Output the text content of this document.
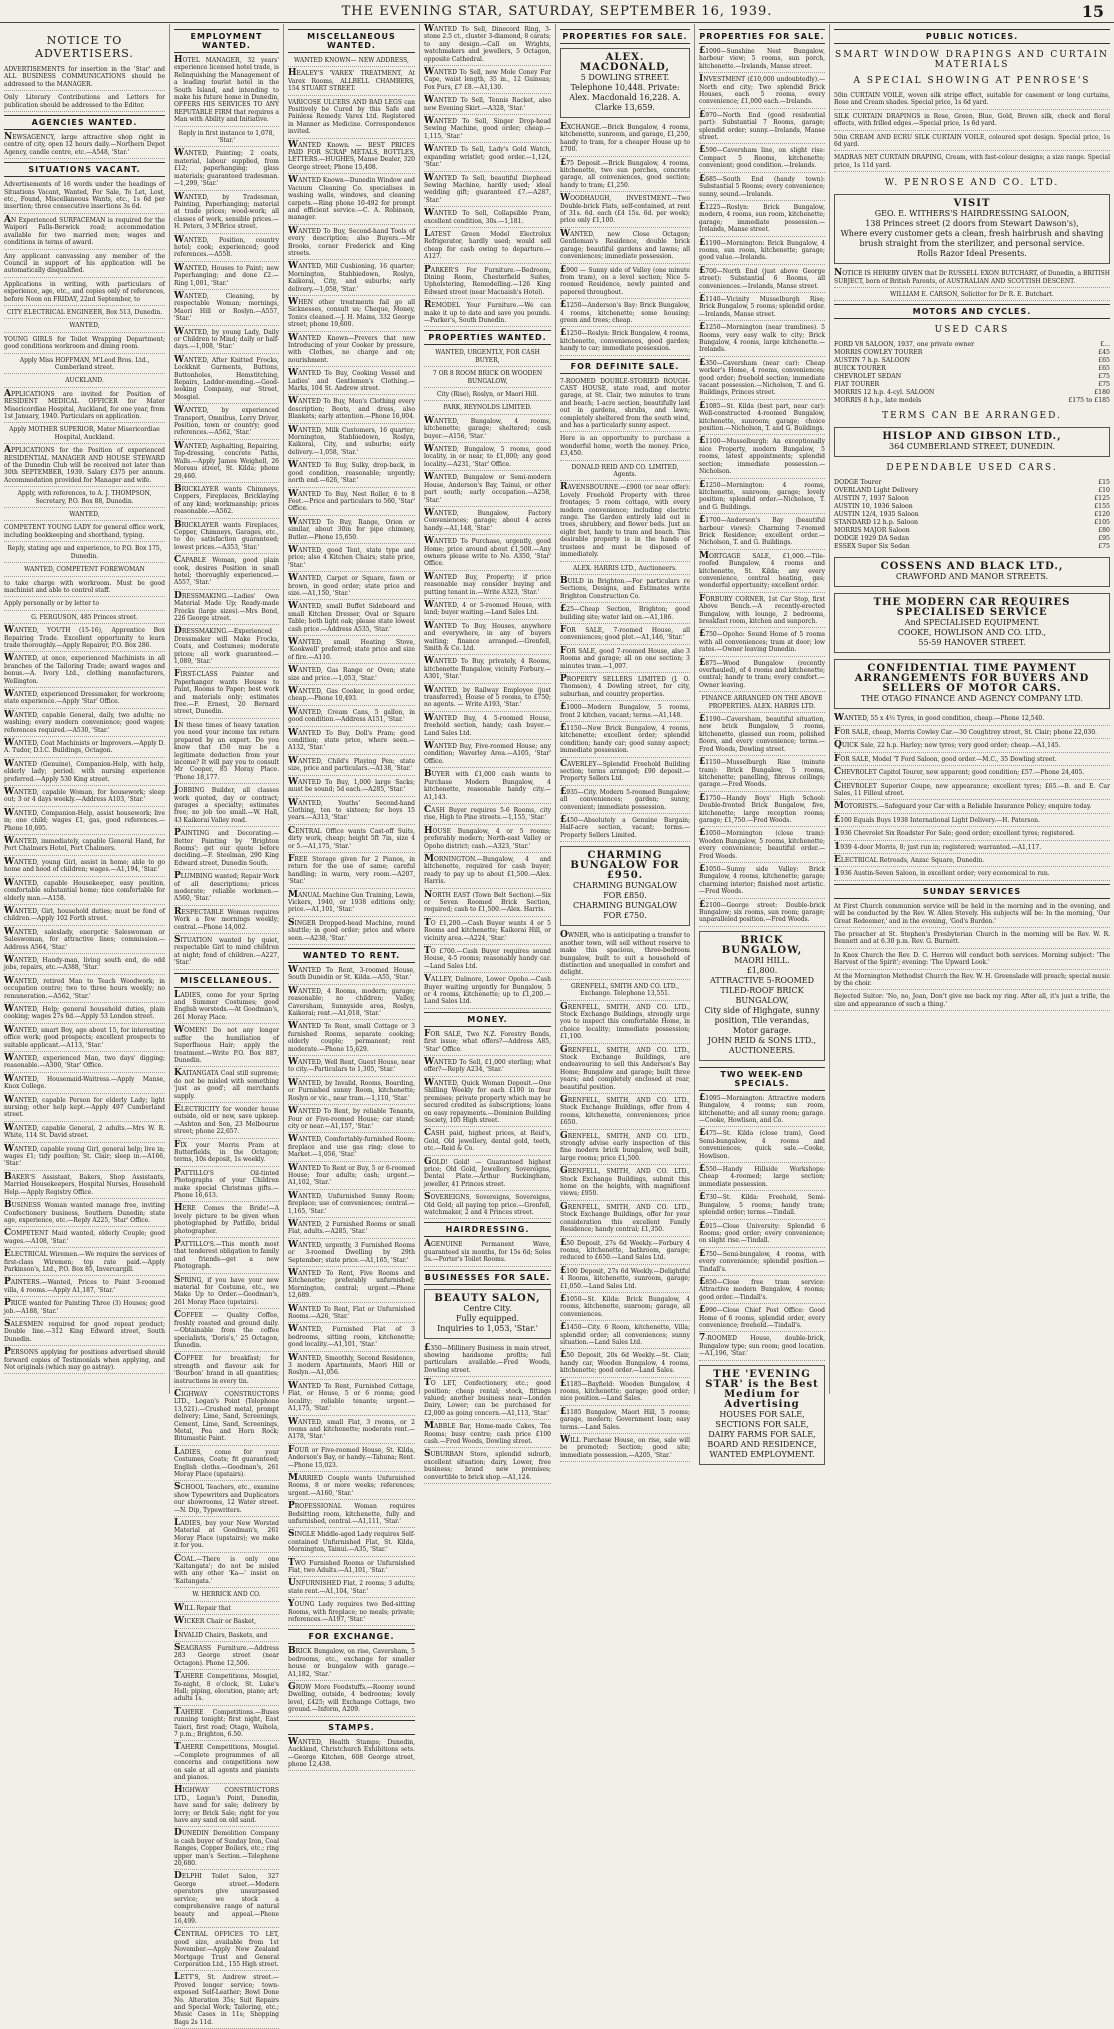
THE EVENING STAR, SATURDAY, SEPTEMBER 16, 1939.	15
NOTICE TO ADVERTISERS.

ADVERTISEMENTS for insertion in the 'Star' and ALL BUSINESS COMMUNICATIONS should be addressed to the MANAGER.

Only Literary Contributions and Letters for publication should be addressed to the Editor.

AGENCIES WANTED.

NEWSAGENCY, large attractive shop right in centre of city, open 12 hours daily.—Northern Depot Agency, candle centre, etc.—A548, 'Star.'

SITUATIONS VACANT.

Advertisements of 16 words under the headings of Situations Vacant, Wanted, For Sale, To Let, Lost, etc., Found, Miscellaneous Wants, etc., 1s 6d per insertion; three consecutive insertions 3s 6d.

AN Experienced SURFACEMAN is required for the Waipori Falls-Berwick road; accommodation available for two married men; wages and conditions in terms of award.

Any applicant canvassing any member of the Council in support of his application will be automatically disqualified.

Applications in writing, with particulars of experience, age, etc., and copies only of references, before Noon on FRIDAY, 22nd September, to

CITY ELECTRICAL ENGINEER, Box 513, Dunedin.

WANTED,

YOUNG GIRLS for Toilet Wrapping Department; good conditions workroom and dining room.

Apply Miss HOFFMAN, M'Leod Bros. Ltd., Cumberland street.

AUCKLAND.

APPLICATIONS are invited for Position of RESIDENT MEDICAL OFFICER for Mater Misericordiae Hospital, Auckland, for one year, from 1st January, 1940. Particulars on application.

Apply MOTHER SUPERIOR, Mater Misericordiae Hospital, Auckland.

APPLICATIONS for the Position of experienced RESIDENTIAL MANAGER AND HOUSE STEWARD of the Dunedin Club will be received not later than 30th SEPTEMBER, 1939. Salary £375 per annum. Accommodation provided for Manager and wife.

Apply, with references, to A. J. THOMPSON, Secretary, P.O. Box 88, Dunedin.

WANTED,

COMPETENT YOUNG LADY for general office work, including bookkeeping and shorthand, typing.

Reply, stating age and experience, to P.O. Box 175, Dunedin.

WANTED, COMPETENT FOREWOMAN

to take charge with workroom. Must be good machinist and able to control staff.

Apply personally or by letter to

G. FERGUSON, 485 Princes street.

WANTED, YOUTH (15-16), Apprentice Box Repairing Trade. Excellent opportunity to learn trade thoroughly.—Apply Repairer, P.O. Box 286.

WANTED, at once, experienced Machinists in all branches of the Tailoring Trade; award wages and bonus.—A. Ivory Ltd., clothing manufacturers, Wellington.

WANTED, experienced Dressmaker, for workroom; state experience.—Apply 'Star' Office.

WANTED, capable General, daily, two adults; no washing; every modern convenience; good wages; references required.—A530, 'Star.'

WANTED, Coat Machinists or Improvers.—Apply D. A. Tudor, D.I.C. Buildings, Octagon.

WANTED (Genuine), Companion-Help, with help, elderly lady; period; with nursing experience preferred.—Apply 530 King street.

WANTED, capable Woman, for housework; sleep out; 3 or 4 days weekly.—Address A103, 'Star.'

WANTED, Companion-Help, assist housework; live in; one child; wages £1, gas, good references.—Phone 10,695.

WANTED, immediately, capable General Hand, for Port Chalmers Hotel, Port Chalmers.

WANTED, young Girl, assist in home; able to go home and hood of children; wages.—A1,194, 'Star.'

WANTED, capable Housekeeper, easy position, comfortable substantial home; nice comfortable for elderly man.—A158.

WANTED, Girl, household duties; must be fond of children.—Apply 102 Forth street.

WANTED, saleslady, energetic Saleswoman or Saleswoman, for attractive lines; commission.—Address A564, 'Star.'

WANTED, Handy-man, living south end, do odd jobs, repairs, etc.—A388, 'Star.'

WANTED, retired Man to Teach Woodwork; in occupation centre; two to three hours weekly; no remuneration.—A562, 'Star.'

WANTED, Help; general household duties, plain cooking; wages 27s 6d.—Apply 53 London street.

WANTED, smart Boy, age about 15, for interesting office work; good prospects; excellent prospects to suitable applicant.—A113, 'Star.'

WANTED, experienced Man, two days' digging; reasonable.—A300, 'Star' Office.

WANTED, Housemaid-Waitress.—Apply Manse, Knox College.

WANTED, capable Person for elderly Lady; light nursing; other help kept.—Apply 497 Cumberland street.

WANTED, capable General, 2 adults.—Mrs W. R. White, 114 St. David street.

WANTED, capable young Girl, general help; live in; wages £1; tidy position; St. Clair; sleep in.—A166, 'Star.'

BAKER'S Assistant, Bakers, Shop Assistants, Married Housekeepers, Hospital Nurses, Household Help.—Apply Registry Office.

BUSINESS Woman wanted manage free, inviting Confectionery business, Southern Dunedin; state age, experience, etc.—Reply A225, 'Star' Office.

COMPETENT Maid wanted, elderly Couple; good wages.—A108, 'Star.'

ELECTRICAL Wiremen.—We require the services of first-class Wiremen; top rate paid.—Apply Parkinson's, Ltd., P.O. Box 85, Invercargill.

PAINTERS.—Wanted, Prices to Paint 3-roomed villa, 4 rooms.—Apply A1,187, 'Star.'

PRICE wanted for Painting Three (3) Houses; good job.—A188, 'Star.'

SALESMEN required for good repeat product; Double line.—312 King Edward street, South Dunedin.

PERSONS applying for positions advertised should forward copies of Testimonials when applying, and Not originals (which may go astray).

EMPLOYMENT WANTED.

HOTEL MANAGER, 32 years' experience licensed hotel trade, is Relinquishing the Management of a leading tourist hotel in the South Island, and intending to make his future home in Dunedin, OFFERS HIS SERVICES TO ANY REPUTABLE FIRM that requires a Man with Ability and Initiative.

Reply in first instance to 1,078, 'Star.'

WANTED, Painting; 2 coats, material, labour supplied, from £12; paperhanging; glass materials; guaranteed tradesman.—1,299, 'Star.'

WANTED, by Tradesman, Painting, Paperhanging; material at trade prices; wood-work; all classes of work, sensible prices.—H. Peters, 3 M'Brice street.

WANTED, Position, country hotel; cook; experienced; good references.—A558.

WANTED, Houses to Paint; new Paperhanging; and done £2.—Ring 1,001, 'Star.'

WANTED, Cleaning, by respectable Woman; mornings, Maori Hill or Roslyn.—A557, 'Star.'

WANTED, by young Lady, Daily or Children to Mind; daily or half-days.—1,008, 'Star.'

WANTED, After Knitted Frocks, Lockknit Garments, Buttons, Buttonholes, Hemstitching, Repairs, Ladder-mending.—Good-looking Company, our Street, Mosgiel.

WANTED, by experienced Transport, Omnibus, Lorry Driver, Position, town or country; good references.—A562, 'Star.'

WANTED, Asphalting, Repairing, Top-dressing, concrete Paths, Walls.—Apply James Weighell, 26 Moreau street, St. Kilda; phone 29,460.

BRICKLAYER wants Chimneys, Coppers, Fireplaces, Bricklaying of any kind; workmanship; prices reasonable.—A562.

BRICKLAYER wants Fireplaces, Copper, Chimneys, Garages, etc., to do; satisfaction guaranteed; lowest prices.—A353, 'Star.'

CAPABLE Woman, good plain cook, desires Position in small hotel; thoroughly experienced.—A557, 'Star.'

DRESSMAKING.—Ladies' Own Material Made Up; Ready-made Frocks (large sizes).—Mrs Bond, 226 George street.

DRESSMAKING.—Experienced Dressmaker will Make Frocks, Coats, and Costumes; moderate prices; all work guaranteed.—1,089, 'Star.'

FIRST-CLASS Painter and Paperhanger wants Houses to Paint, Rooms to Paper; best work and materials only; estimates free.—F. Ernest, 20 Bernard street, Dunedin.

IN these times of heavy taxation you need your income tax return prepared by an expert. Do you know that £50 may be a legitimate deduction from your income? It will pay you to consult Mr Cooper, 85 Moray Place. 'Phone 18,177.

JOBBING Builder, all classes work quoted, day or contract; garages a specialty; estimates free; no job too small.—W. Hall, 43 Kaikorai Valley road.

PAINTING and Decorating.—Better Painting by 'Brighton Rooms'; get our quote before deciding.—F. Steelman, 290 King Edward street, Dunedin South.

PLUMBING wanted; Repair Work of all descriptions; prices moderate; reliable workmen.—A560, 'Star.'

RESPECTABLE Woman requires Work a few mornings weekly; central.—Phone 14,002.

SITUATION wanted by quiet, respectable Girl to mind children at night; fond of children.—A227, 'Star.'

MISCELLANEOUS.

LADIES, come for your Spring and Summer Costumes; good English worsteds.—At Goodman's, 261 Moray Place.

WOMEN! Do not any longer suffer the humiliation of Superfluous Hair; apply the treatment.—Write P.O. Box 887, Dunedin.

KAITANGATA Coal still supreme; do not be misled with something 'just as good'; all merchants supply.

ELECTRICITY for wonder house outside, old or new, save upkeep.—Ashton and Son, 23 Melbourne street; phone 22,657.

FIX your Morris Pram at Butterfields, in the Octagon; terms, 10s deposit, 1s weekly.

PATTILLO'S Oil-tinted Photographs of your Children make special Christmas gifts.—Phone 16,613.

HERE Comes the Bride!—A lovely picture to be given when photographed by Pattillo, bridal photographer.

PATTILLO'S.—This month most that tenderest obligation to family and friends—get a new Photograph.

SPRING, if you have your new material for Costume, etc., we Make Up to Order.—Goodman's, 261 Moray Place (upstairs).

COFFEE — Quality Coffee, freshly roasted and ground daily.—Obtainable from the coffee specialists, 'Doris's,' 25 Octagon, Dunedin.

COFFEE for breakfast; for strength and flavour ask for 'Bourbon' brand in all quantities; instructions in every tin.

CIGHWAY CONSTRUCTORS LTD., Logan's Point (Telephone 13,521).—Crushed metal, prompt delivery; Lime, Sand, Screenings, Cement, Lime, Sand, Screenings, Metal, Pea and Horn Rock; Bitumastic Paint.

LADIES, come for your Costumes, Coats; fit guaranteed; English cloths.—Goodman's, 261 Moray Place (upstairs).

SCHOOL Teachers, etc., examine show Typewriters and Duplicators our showrooms, 12 Water street.—N. Dip, Typewriters.

LADIES, buy your New Worsted Material at Goodman's, 261 Moray Place (upstairs); we make it for you.

COAL.—There is only one 'Kaitangata'; do not be misled with any other 'Ka—' insist on 'Kaitangata.'

W. HERRICK AND CO.

WILL Repair that

WICKER Chair or Basket,

INVALID Chairs, Baskets, and

SEAGRASS Furniture.—Address 283 George street (near Octagon). Phone 12,506.

TAHERE Competitions, Mosgiel, To-night, 8 o'clock, St. Luke's Hall; piping, elocution, piano; art; adults 1s.

TAHERE Competitions.—Buses running tonight; first night, East Taieri, first road; Otago, Waihola, 7 p.m.; Brighton, 6.50.

TAHERE Competitions, Mosgiel.—Complete programmes of all concerns and competitions now on sale at all agents and pianists and pianos.

HIGHWAY CONSTRUCTORS LTD., Logan's Point, Dunedin, have sand for sale; delivery by lorry; or Brick Sale; right for you have any sand on old sand.

DUNEDIN Demolition Company is cash buyer of Sunday Iron, Coal Ranges, Copper Boilers, etc.; ring upper man's Section.—Telephone 20,680.

DELPHI Toilet Salon, 327 George street.—Modern operators give unsurpassed service; we stock a comprehensive range of natural beauty and appeal.—Phone 16,499.

CENTRAL OFFICES TO LET, good size, available from 1st November.—Apply New Zealand Mortgage Trust and General Corporation Ltd., 155 High street.

LETT'S, St. Andrew street.—Proved longer service; town-exposed Self-Leather; Bowl Done No. Alteration 35s; Suit Repairs and Special Work; Tailoring, etc.; Music Cases in 11s; Shopping Bags 2s 11d.

MISCELLANEOUS WANTED.

WANTED KNOWN— NEW ADDRESS,

HEALEY'S 'VAREX' TREATMENT, At Varex Rooms, ALLBELL CHAMBERS, 154 STUART STREET.

VARICOSE ULCERS AND BAD LEGS can Positively be Cured by this Safe and Painless Remedy. Varex Ltd. Registered in Manner as Medicine. Correspondence invited.

WANTED Known. — BEST PRICES PAID FOR SCRAP METALS, BOTTLES, LETTERS.—HUGHES, Manse Dealer, 320 George street; Phone 15,408.

WANTED Known—Dunedin Window and Vacuum Cleaning Co. specialises in washing walls, windows, and cleaning carpets.—Ring phone 10-492 for prompt and efficient service.—C. A. Robinson, manager.

WANTED To Buy, Second-hand Tools of every description; also Buyers.—Mr Brooks, corner Frederick and King streets.

WANTED, Mill Cushioning, 16 quarter; Mornington, Stabbiedown, Roslyn, Kaikorai, City, and suburbs; early delivery.—1,058, 'Star.'

WHEN other treatments fail go all Sicknesses, consult us; Cheque, Money, Tonics cleaned.—J. H. Mains, 332 George street; phone 19,600.

WANTED Known—Prevers that new Introducing of your Cooker by pressure, with Clothes, no charge and on; nourishment.

WANTED To Buy, Cooking Vessel and Ladies' and Gentlemen's Clothing.—Marks, 104 St. Andrew street.

WANTED To Buy, Men's Clothing every description; Boots, and dress, also Blankets; early attention.—Phone 16,004.

WANTED, Milk Customers, 16 quarter; Mornington, Stabbiedown, Roslyn, Kaikorai, City, and suburbs; early delivery.—1,058, 'Star.'

WANTED To Buy, Sulky, drop-back, in good condition, reasonable; urgently; north end.—626, 'Star.'

WANTED To Buy, Nest Roller, 6 to 8 Feet.—Price and particulars to 560, 'Star' Office.

WANTED To Buy, Range, Orion or similar, about 30in for pipe chimney, Butler.—Phone 15,650.

WANTED, good Tent, state type and price; also 4 Kitchen Chairs; state price, 'Star.'

WANTED, Carpet or Square, fawn or brown, in good order; state price and size.—A1,150, 'Star.'

WANTED, small Buffet Sideboard and small Kitchen Dresser, Oval or Square Table; both light oak; please state lowest cash price.—Address A535, 'Star.'

WANTED, small Heating Stove, 'Kookwell' preferred; state price and size of fire.—A110.

WANTED, Gas Range or Oven; state size and price.—1,053, 'Star.'

WANTED, Gas Cooker, in good order, cheap.—Phone 10,493.

WANTED, Cream Cans, 5 gallon, in good condition.—Address A151, 'Star.'

WANTED To Buy, Doll's Pram; good condition; state price, where seen.—A132, 'Star.'

WANTED, Child's Playing Pen; state size, price and particulars.—A138, 'Star.'

WANTED To Buy, 1,000 large Sacks; must be sound; 5d each.—A285, 'Star.'

WANTED, Youths' Second-hand Clothing, ten to sixteen; for boys 15 years.—A313, 'Star.'

CENTRAL Office wants Cast-off Suits, dirty work, cheap; height 5ft 7in, size 4 or 5.—A1,175, 'Star.'

FREE Storage given for 2 Pianos, in return for the use of same; careful handling; in warm, very room.—A207, 'Star.'

MANUAL Machine Gun Training, Lewis, Vickers, 1940, or 1938 editions only; price.—A1,101, 'Star.'

SINGER Dropped-head Machine, round shuttle; in good order; price and where seen.—A238, 'Star.'

WANTED TO RENT.

WANTED To Rent, 3-roomed House, South Dunedin or St. Kilda.—A55, 'Star.'

WANTED, 4 Rooms, modern; garage; reasonable; no children; Valley, Caversham, Sunnyside area, Roslyn, Kaikorai; rent.—A1,018, 'Star.'

WANTED To Rent, small Cottage or 3 furnished Rooms, separate cooking; elderly couple; permanent; rent moderate.—Phone 15,629.

WANTED, Well Rent, Guest House, near to city.—Particulars to 1,305, 'Star.'

WANTED, by Invalid, Rooms, Boarding, or Furnished sunny Room, kitchenette; Roslyn or vic., near tram.—1,110, 'Star.'

WANTED To Rent, by reliable Tenants, Four or Five-roomed House; car stand; city or near.—A1,157, 'Star.'

WANTED, Comfortably-furnished Room; fireplace and use gas ring; close to Market.—1,056, 'Star.'

WANTED To Rent or Buy, 5 or 6-roomed House; four adults; cash; urgent.—A1,102, 'Star.'

WANTED, Unfurnished Sunny Room; fireplace; use of conveniences; central.—1,165, 'Star.'

WANTED, 2 Furnished Rooms or small Flat, adults.—A285, 'Star.'

WANTED, urgently, 3 Furnished Rooms or 3-roomed Dwelling by 29th September; state price.—A1,165, 'Star.'

WANTED To Rent, Five Rooms and Kitchenette; preferably unfurnished; Mornington, central; urgent.—Phone 12,689.

WANTED To Rent, Flat or Unfurnished Rooms.—A26, 'Star.'

WANTED, Furnished Flat of 3 bedrooms, sitting room, kitchenette; good locality.—A1,101, 'Star.'

WANTED, Smoothly, Second Residence, 3 modern Apartments, Maori Hill or Roslyn.—A1,056.

WANTED To Rent, Furnished Cottage, Flat, or House, 5 or 6 rooms; good locality; reliable tenants; urgent.—A1,175, 'Star.'

WANTED, small Flat, 3 rooms, or 2 rooms and kitchenette; moderate rent.—A178, 'Star.'

FOUR or Five-roomed House, St. Kilda, Anderson's Bay, or handy.—Tahuna; Rent.—Phone 15,023.

MARRIED Couple wants Unfurnished Rooms, 8 or more weeks; references; urgent.—A160, 'Star.'

PROFESSIONAL Woman requires Bedsitting room, kitchenette, fully and unfurnished, central.—A1,111, 'Star.'

SINGLE Middle-aged Lady requires Self-contained Unfurnished Flat, St. Kilda, Mornington, Tainui.—A35, 'Star.'

TWO Furnished Rooms or Unfurnished Flat, two Adults.—A1,101, 'Star.'

UNFURNISHED Flat, 2 rooms; 3 adults; state rent.—A1,104, 'Star.'

YOUNG Lady requires two Bed-sitting Rooms, with fireplace; no meals; private; references.—A197, 'Star.'

FOR EXCHANGE.

BRICK Bungalow, on rise, Caversham, 5 bedrooms, etc., exchange for smaller house or bungalow with garage.—A1,182, 'Star.'

GROW More Foodstuffs.—Roomy sound Dwelling, outside, 4 bedrooms; lovely level, £425; will Exchange Cottage, two ground.—Inform, A209.

STAMPS.

WANTED, Health Stamps; Dunedin, Auckland, Christchurch Exhibitions sets.—George Kitchen, 608 George street, phone 12,438.

WANTED To Sell, Dinecord Ring, 3-stone 2.5 ct., cluster 3-diamond, 8 carats; to any design.—Call on Wrights, watchmakers and jewellers, 5 Octagon, opposite Cathedral.

WANTED To Sell, new Mole Coney Fur Cape, waist length, 35 in., 12 Guineas; Fox Furs, £7 £8.—A1,130.

WANTED To Sell, Tennis Racket, also new Evening Skirt.—A328, 'Star.'

WANTED To Sell, Singer Drop-head Sewing Machine, good order; cheap.—1,115, 'Star.'

WANTED To Sell, Lady's Gold Watch, expanding wristlet; good order.—1,124, 'Star.'

WANTED To Sell, beautiful Diephead Sewing Machine, hardly used; ideal wedding gift; guaranteed £7.—A287, 'Star.'

WANTED To Sell, Collapsible Pram, excellent condition, 30s.—1,181.

LATEST Green Model Electrolux Refrigerator, hardly used; would sell cheap for cash owing to departure.—A127.

PARKER'S For Furniture.—Bedroom, Dining Room, Chesterfield Suites, Upholstering, Remodelling.—126 King Edward street (near Macnaish's Hotel).

REMODEL Your Furniture.—We can make it up to date and save you pounds.—Parker's, South Dunedin.

PROPERTIES WANTED.

WANTED, URGENTLY, FOR CASH BUYER,

7 OR 8 ROOM BRICK OR WOODEN BUNGALOW,

City (Rise), Roslyn, or Maori Hill.

PARK, REYNOLDS LIMITED.

WANTED, Bungalow, 4 rooms, kitchenette; garage; sheltered; cash buyer.—A156, 'Star.'

WANTED, Bungalow, 5 rooms, good locality, in or near, to £1,000; any good locality.—A231, 'Star' Office.

WANTED, Bungalow or Semi-modern House, Anderson's Bay, Tainui, or other part south; early occupation.—A258, 'Star.'

WANTED, Bungalow, Factory Conveniences; garage; about 4 acres handy.—A1,148, 'Star.'

WANTED To Purchase, urgently, good Home; price around about £1,500.—Any owners please write to No. A350, 'Star' Office.

WANTED Buy, Property; if price reasonable may consider buying and putting tenant in.—Write A323, 'Star.'

WANTED, 4 or 5-roomed House, with land; buyer waiting.—Land Sales Ltd.

WANTED To Buy, Houses, anywhere and everywhere, in any of buyers waiting; finance arranged.—Grenfell, Smith & Co. Ltd.

WANTED To Buy, privately, 4 Rooms, kitchenette Bungalow, vicinity Forbury.—A301, 'Star.'

WANTED, by Railway Employee (just transferred), House of 5 rooms, to £750; no agents. — Write A193, 'Star.'

WANTED Buy, 4 5-roomed House, freehold section, handy; cash buyer.—Land Sales Ltd.

WANTED Buy, Five-roomed House; any condition; Waverley Area.—A105, 'Star' Office.

BUYER with £1,000 cash wants to Purchase Modern Bungalow, 4 kitchenette, reasonable handy city.—A1,143.

CASH Buyer requires 5-6 Rooms, city rise, High to Pine streets.—1,155, 'Star.'

HOUSE Bungalow, 4 or 5 rooms; preferably modern; North-east Valley or Opoho district; cash.—A323, 'Star.'

MORNINGTON.—Bungalow, 4 and kitchenette, required for cash buyer; ready to pay up to about £1,500.—Alex. Harris.

NORTH EAST (Town Belt Section).—Six or Seven Roomed Brick Section, required; cash to £1,500.—Alex. Harris.

TO £1,200.—Cash Buyer wants 4 or 5 Rooms and kitchenette; Kaikorai Hill, or vicinity area.—A224, 'Star.'

TO £700.—Cash Buyer requires sound House, 4-5 rooms; reasonably handy car.—Land Sales Ltd.

VALLEY, Dalmore, Lower Opoho.—Cash Buyer waiting urgently for Bungalow, 5 or 4 rooms, kitchenette; up to £1,200.—Land Sales Ltd.

MONEY.

FOR SALE, Two N.Z. Forestry Bonds, first issue; what offers?—Address A85, 'Star' Office.

WANTED To Sell, £1,000 sterling; what offer?—Reply A234, 'Star.'

WANTED, Quick Woman Deposit.—One Shilling Weekly for each £100 in four premises; private property which may be secured credited as subscriptions; loans on easy repayments.—Dominion Building Society, 105 High street.

CASH paid, highest prices, at Reid's, Gold, Old jewellery, dental gold, teeth, etc.—Reid & Co.

GOLD! Gold! — Guaranteed highest price; Old Gold, Jewellery, Sovereigns, Dental Plate.—Arthur Buckingham, jeweller, 41 Princes street.

SOVEREIGNS, Sovereigns, Sovereigns, Old Gold; all paying top price.—Grenfell, watchmaker, 2 and 4 Princes street.

HAIRDRESSING.

AGENUINE Permanent Wave, guaranteed six months, for 15s 6d; Soles 5s.—Porter's Toilet Rooms.

BUSINESSES FOR SALE.
BEAUTY SALON,
Centre City.
Fully equipped.
Inquiries to 1,053, 'Star.'

£350—Millinery Business in main street, showing handsome profits; full particulars available.—Fred Woods, Dowling street.

TO LET, Confectionery, etc.; good position; cheap rental; stock, fittings valued; another business near—London Dairy, Lower; can be purchased for £2,000 as going concern.—A1,113, 'Star.'

MABBLE Bar, Home-made Cakes, Tea Rooms; busy centre; cash price £100 cash.—Fred Woods, Dowling street.

SUBURBAN Store, splendid suburb, excellent situation; dairy, Lower, free business; brand new premises; convertible to brick shop.—A1,124.

PROPERTIES FOR SALE.
ALEX. MACDONALD,
5 DOWLING STREET.
Telephone 10,448. Private: Alex. Macdonald 16,228. A. Clarke 13,659.

EXCHANGE.—Brick Bungalow, 4 rooms, kitchenette, sunroom, and garage, £1,250, handy to tram, for a cheaper House up to £700.

£75 Deposit.—Brick Bungalow, 4 rooms, kitchenette, two sun porches, concrete garage, all conveniences, good section; handy to tram; £1,250.

WOODHAUGH, INVESTMENT.—Two Double-brick Flats, self-contained, at rent of 31s. 6d. each (£4 15s. 6d. per week); price only £1,100.

WANTED, new Close Octagon; Gentleman's Residence, double brick garage; beautiful gardens and lawns; all conveniences; immediate possession.

£900 — Sunny side of Valley (one minute from tram), on a level section; Nice 5-roomed Residence, newly painted and papered throughout.

£1250—Anderson's Bay: Brick Bungalow, 4 rooms, kitchenette; some housing; green and trees; cheap.

£1250—Roslyn: Brick Bungalow, 4 rooms, kitchenette, conveniences, good garden; handy to car; immediate possession.

FOR DEFINITE SALE.

7-ROOMED DOUBLE-STORIED ROUGH-CAST HOUSE, state road, and motor garage, at St. Clair, two minutes to tram and beach; 1-acre section, beautifully laid out in gardens, shrubs, and lawn; completely sheltered from the south wind, and has a particularly sunny aspect.

Here is an opportunity to purchase a wonderful home, worth the money. Price, £3,450.

DONALD REID AND CO. LIMITED, Agents.

RAVENSBOURNE.—£900 (or near offer): Lovely Freehold Property with three frontages; 5 room cottage, with every modern convenience; including electric range. The Garden entirely laid out in trees, shrubbery, and flower beds. Just an eight feet, handy to tram and beach. This desirable property is in the hands of trustees and must be disposed of immediately.

ALEX. HARRIS LTD., Auctioneers.

BUILD in Brighton.—For particulars re Sections, Designs, and Estimates write Brighton Construction Co.

£25—Cheap Section, Brighton; good building site; water laid on.—A1,186.

FOR SALE, 7-roomed House, all conveniences; good plot.—A1,146, 'Star.'

FOR SALE, good 7-roomed House, also 3 Rooms and garage; all on one section; 3 minutes tram.—1,097.

PROPERTY SELLERS LIMITED (J. O. Thomson), 4 Dowling street, for city, suburban, and country properties.

£1000—Modern Bungalow, 5 rooms, front 2 kitchen, vacant; terms.—A1,148.

£1150—New Brick Bungalow, 4 rooms, kitchenette; excellent order; splendid condition; handy car; good sunny aspect; immediate possession.

CAVERLEY—Splendid Freehold Building section; terms arranged; £90 deposit.—Property Sellers Ltd.

£935—City. Modern 5-roomed Bungalow; all conveniences; garden; sunny, convenient; immediate possession.

£450—Absolutely a Genuine Bargain; Half-acre section, vacant; terms.—Property Sellers Limited.

CHARMING BUNGALOW FOR £950.
CHARMING BUNGALOW FOR £850.
CHARMING BUNGALOW FOR £750.

OWNER, who is anticipating a transfer to another town, will sell without reserve to make this spacious, three-bedroom bungalow, built to suit a household of distinction and unequalled in comfort and delight.

GRENFELL, SMITH AND CO. LTD., Exchange. Telephone 13,551.

GRENFELL, SMITH, AND CO. LTD., Stock Exchange Buildings, strongly urge you to inspect this comfortable Home, in choice locality; immediate possession; £1,100.

GRENFELL, SMITH, AND CO. LTD., Stock Exchange Buildings, are endeavouring to sell this Anderson's Bay Home; Bungalow and garage; built three years; and completely enclosed at rear, beautiful position.

GRENFELL, SMITH, AND CO. LTD., Stock Exchange Buildings, offer from 4 rooms, kitchenette, conveniences; price £650.

GRENFELL, SMITH, AND CO. LTD., strongly advise early inspection of this fine modern brick bungalow, well built, large rooms; price £1,500.

GRENFELL, SMITH, AND CO. LTD., Stock Exchange Buildings, submit this home on the heights, with magnificent views; £950.

GRENFELL, SMITH, AND CO. LTD., Stock Exchange Buildings, offer for your consideration this excellent Family Residence; handy central; £1,350.

£50 Deposit, 27s 6d Weekly.—Forbury 4 rooms, kitchenette, bathroom, garage; reduced to £650.—Land Sales Ltd.

£100 Deposit, 27s 6d Weekly.—Delightful 4 Rooms, kitchenette, sunroom, garage; £1,050.—Land Sales Ltd.

£1050—St. Kilda: Brick Bungalow, 4 rooms, kitchenette, sunroom; garage, all conveniences.

£1450—City. 6 Room, kitchenette, Villa; splendid order; all conveniences; sunny situation.—Land Sales Ltd.

£50 Deposit, 20s 6d Weekly.—St. Clair, handy car, Wooden Bungalow, 4 rooms, kitchenette; good order.—Land Sales.

£1185—Bayfield: Wooden Bungalow, 4 rooms, kitchenette; garage; good order; nice position.—Land Sales.

£1185 Bungalow, Maori Hill, 5 rooms; garage, modern; Government loan; easy terms.—Land Sales.

WILL Purchase House, on rise, sale will be promoted; Section; good site; immediate possession.—A205, 'Star.'

PROPERTIES FOR SALE.

£1090—Sunshine Nest Bungalow, harbour view; 5 rooms, sun porch, kitchenette.—Irelands, Manse street.

INVESTMENT (£10,000 undoubtedly).—North end city; Two splendid Brick Houses, each 5 rooms, every convenience; £1,000 each.—Irelands.

£970—North End (good residential part): Substantial 7 Rooms, garage; splendid order; sunny.—Irelands, Manse street.

£590—Caversham line, on slight rise: Compact 5 Rooms, kitchenette; convenient; good condition.—Irelands.

£685—South End (handy town): Substantial 5 Rooms; every convenience; sunny, sound.—Irelands.

£1225—Roslyn: Brick Bungalow, modern, 4 rooms, sun room, kitchenette; garage; immediate possession.—Irelands, Manse street.

£1190—Mornington: Brick Bungalow, 4 rooms, sun room, kitchenette; garage; good value.—Irelands.

£700—North End (just above George street): Substantial 6 Rooms, all conveniences.—Irelands, Manse street.

£1140—Vicinity Musselburgh Rise; Brick Bungalow, 5 rooms; splendid order.—Irelands, Manse street.

£1250—Mornington (near tramlines). 5 Rooms, very easy walk to city; Brick Bungalow, 4 rooms, large kitchenette.—Irelands.

£350—Caversham (near car): Cheap worker's Home, 4 rooms, conveniences; good order; freehold section; immediate vacant possession.—Nicholson, T. and G. Buildings, Princes street.

£1085—St. Kilda (best part, near car): Well-constructed 4-roomed Bungalow, kitchenette, sunroom; garage; choice position.—Nicholson, T. and G. Buildings.

£1100—Musselburgh: An exceptionally nice Property, modern Bungalow, 5 rooms, latest appointments; splendid section; immediate possession.—Nicholson.

£1250—Mornington: 4 rooms, kitchenette, sunroom; garage; lovely position; splendid order.—Nicholson, T. and G. Buildings.

£1700—Anderson's Bay (beautiful harbour views): Charming 7-roomed Brick Residence; excellent order.—Nicholson, T. and G. Buildings.

MORTGAGE SALE, £1,000.—Tile-roofed Bungalow, 4 rooms and kitchenette, St. Kilda; any every convenience, central heating, gas; wonderful opportunity; excellent order.

FORBURY CORNER, 1st Car Stop, first Above Bench.—A recently-erected Bungalow, with lounge, 2 bedrooms, breakfast room, kitchen and sunporch.

£750—Opoho: Sound Home of 5 rooms with all conveniences; tram at door; low rates.—Owner leaving Dunedin.

£875—Wood Bungalow (recently overhauled), of 4 rooms and kitchenette; central; handy to tram; every comfort.—Owner leaving.

FINANCE ARRANGED ON THE ABOVE PROPERTIES. ALEX. HARRIS LTD.

£1190—Caversham, beautiful situation, new brick Bungalow, 5 rooms, kitchenette, glassed sun room, polished floors, and every convenience; terms.—Fred Woods, Dowling street.

£1150—Musselburgh Rise (minute tram): Brick Bungalow, 5 rooms, kitchenette; panelling, fibrous ceilings; garage.—Fred Woods.

£1750—Handy Boys' High School: Double-fronted Brick Bungalow, five, kitchenette; large reception rooms; garage; £1,750.—Fred Woods.

£1050—Mornington (close tram): Wooden Bungalow, 5 rooms, kitchenette; every convenience; beautiful order.—Fred Woods.

£1050—Sunny side Valley: Brick Bungalow, 4 rooms, kitchenette; garage; charming interior; finished most artistic.—Fred Woods.

£2100—George street: Double-brick Bungalow; six rooms, sun room; garage; unparalleled position.—Fred Woods.

BRICK BUNGALOW,
MAORI HILL.
£1,800.
ATTRACTIVE 5-ROOMED TILED-ROOF BRICK BUNGALOW,
City side of Highgate, sunny position, Tile verandas, Motor garage.
JOHN REID & SONS LTD.,
AUCTIONEERS.
TWO WEEK-END SPECIALS.

£1095—Mornington: Attractive modern Bungalow, 4 rooms; sun room, kitchenette; and all sunny room; garage.—Cooke, Howlison, and Co.

£475—St. Kilda (close tram), Good Semi-bungalow, 4 rooms and conveniences; quick sale.—Cooke, Howlison.

£550—Handy Hillside Workshops: Cheap 4-roomed; large section; immediate possession.

£730—St. Kilda: Freehold, Semi-Bungalow, 5 rooms; handy tram; splendid order; terms.—Tindall.

£915—Close University: Splendid 6 Rooms; good order; every convenience; on slight rise.—Tindall.

£750—Semi-bungalow, 4 rooms, with every convenience; splendid position.—Tindall's.

£850—Close free tram service: Attractive modern Bungalow, 4 rooms; good order.—Tindall's.

£990—Close Chief Post Office: Good Home of 6 rooms, splendid order, every convenience; freehold.—Tindall's.

7-ROOMED House, double-brick, Bungalow type; sun room; good location.—A1,196, 'Star.'

THE 'EVENING STAR' is the Best Medium for Advertising
HOUSES FOR SALE,
SECTIONS FOR SALE,
DAIRY FARMS FOR SALE,
BOARD AND RESIDENCE,
WANTED EMPLOYMENT.
PUBLIC NOTICES.
SMART WINDOW DRAPINGS AND CURTAIN MATERIALS
A SPECIAL SHOWING AT PENROSE'S

50in CURTAIN VOILE, woven silk stripe effect, suitable for casement or long curtains, Rose and Cream shades. Special price, 1s 6d yard.

SILK CURTAIN DRAPINGS in Rose, Green, Blue, Gold, Brown silk, check and floral effects, with frilled edges.—Special price, 1s 6d yard.

50in CREAM AND ECRU SILK CURTAIN VOILE, coloured spot design. Special price, 1s 6d yard.

MADRAS NET CURTAIN DRAPING, Cream, with fast-colour designs; a size range. Special price, 1s 11d yard.

W. PENROSE AND CO. LTD.
VISIT
GEO. E. WITHERS'S HAIRDRESSING SALOON,
138 Princes street (2 doors from Stewart Dawson's),
Where every customer gets a clean, fresh hairbrush and shaving brush straight from the sterilizer, and personal service.
Rolls Razor Ideal Presents.

NOTICE IS HEREBY GIVEN that Dr RUSSELL EXON BUTCHART, of Dunedin, a BRITISH SUBJECT, born of British Parents, of AUSTRALIAN AND SCOTTISH DESCENT.

WILLIAM E. CARSON, Solicitor for Dr R. E. Butchart.

MOTORS AND CYCLES.
USED CARS
FORD V8 SALOON, 1937, one private owner	£...
MORRIS COWLEY TOURER	£45
AUSTIN 7 h.p. SALOON	£65
BUICK TOURER	£65
CHEVROLET SEDAN	£75
FIAT TOURER	£75
MORRIS 12 h.p. 4-cyl. SALOON	£180
MORRIS 8 h.p., late models	£175 to £185
TERMS CAN BE ARRANGED.
HISLOP AND GIBSON LTD.,
364 CUMBERLAND STREET, DUNEDIN.
DEPENDABLE USED CARS.
DODGE Tourer	£15
OVERLAND Light Delivery	£10
AUSTIN 7, 1937 Saloon	£125
AUSTIN 10, 1936 Saloon	£155
AUSTIN 12/4, 1935 Saloon	£120
STANDARD 12 h.p. Saloon	£105
MORRIS MAJOR Saloon	£80
DODGE 1929 DA Sedan	£95
ESSEX Super Six Sedan	£75
COSSENS AND BLACK LTD.,
CRAWFORD AND MANOR STREETS.
THE MODERN CAR REQUIRES SPECIALISED SERVICE
And SPECIALISED EQUIPMENT.
COOKE, HOWLISON AND CO. LTD.,
55-59 HANOVER STREET.
CONFIDENTIAL TIME PAYMENT ARRANGEMENTS FOR BUYERS AND SELLERS OF MOTOR CARS.
THE OTAGO FINANCE AND AGENCY COMPANY LTD.

WANTED, 55 x 4½ Tyres, in good condition, cheap.—Phone 12,540.

FOR SALE, cheap, Morris Cowley Car.—30 Coughtrey street, St. Clair; phone 22,030.

QUICK Sale, 22 h.p. Harley; new tyres; very good order; cheap.—A1,145.

FOR SALE, Model 'T Ford Saloon, good order.—M.C., 35 Dowling street.

CHEVROLET Capitol Tourer, new apparent; good condition; £57.—Phone 24,405.

CHEVROLET Superior Coupe, new appearance; excellent tyres; £65.—B. and E. Car Sales, 11 Filleul street.

MOTORISTS.—Safeguard your Car with a Reliable Insurance Policy; enquire today.

£100 Equals Buys 1938 International Light Delivery.—H. Paterson.

1936 Chevrolet Six Roadster For Sale; good order; excellent tyres; registered.

1939 4-door Morris, 8; just run in; registered; warranted.—A1,117.

ELECTRICAL Retreads, Anzac Square, Dunedin.

1936 Austin-Seven Saloon, in excellent order; very economical to run.

SUNDAY SERVICES

At First Church communion service will be held in the morning and in the evening, and will be conducted by the Rev. W. Allen Stevely. His subjects will be: In the morning, 'Our Great Redeemer,' and in the evening, 'God's Burden.'

The preacher at St. Stephen's Presbyterian Church in the morning will be Rev. W. R. Bennett and at 6.30 p.m. Rev. G. Burnett.

In Knox Church the Rev. D. C. Herron will conduct both services. Morning subject: 'The Harvest of the Spirit'; evening: 'The Upward Look.'

At the Mornington Methodist Church the Rev. W. H. Greenslade will preach; special music by the choir.

Rejected Suitor: 'No, no, Joan, Don't give me back my ring. After all, it's just a trifle, the size and appearance of such a thing.'
